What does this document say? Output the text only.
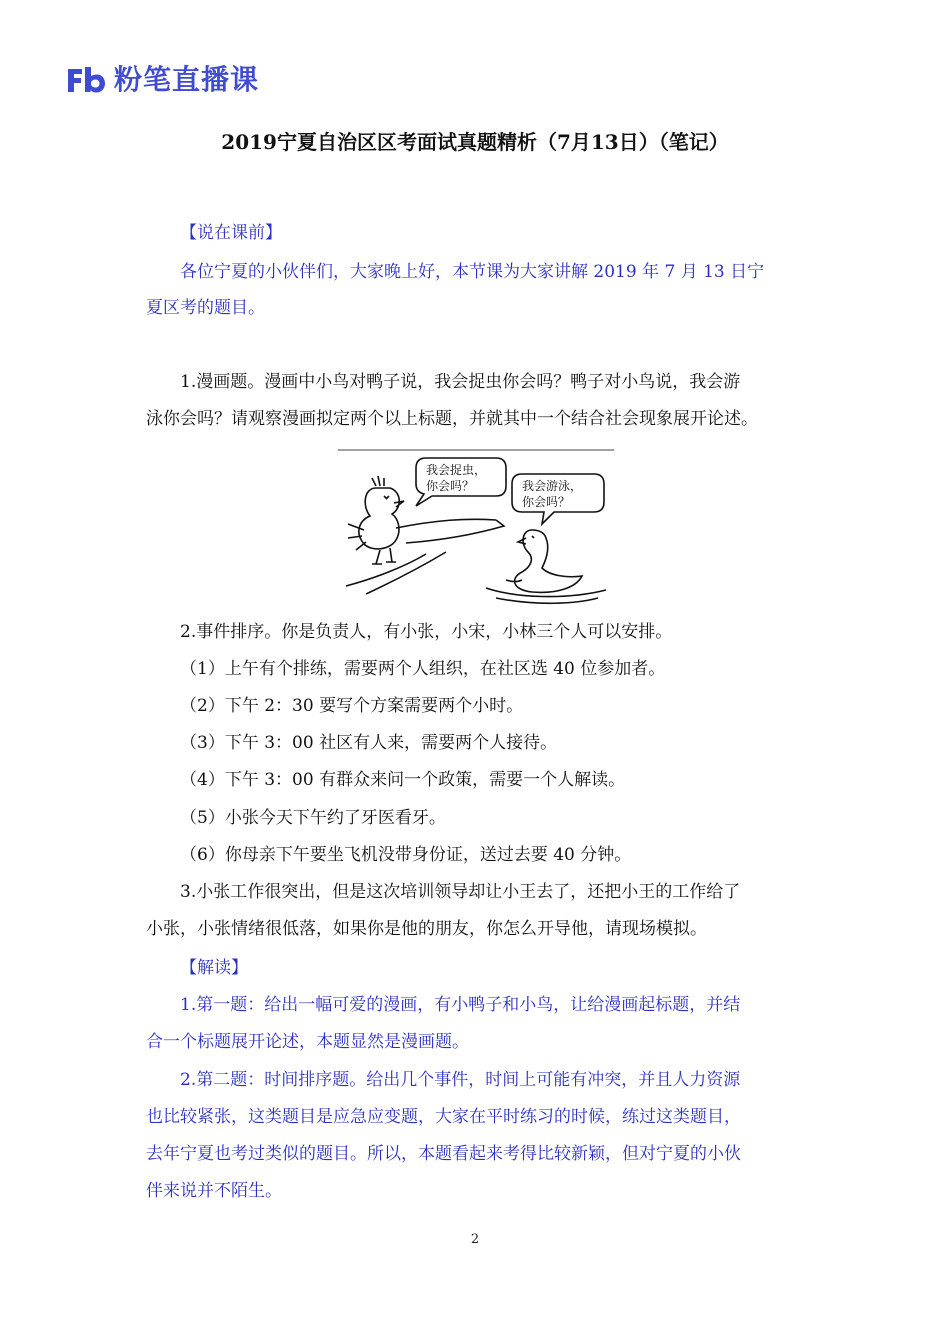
粉笔直播课
2019宁夏自治区区考面试真题精析（7月13日）（笔记）

【说在课前】

各位宁夏的小伙伴们，大家晚上好，本节课为大家讲解 2019 年 7 月 13 日宁

夏区考的题目。

1.漫画题。漫画中小鸟对鸭子说，我会捉虫你会吗？鸭子对小鸟说，我会游

泳你会吗？请观察漫画拟定两个以上标题，并就其中一个结合社会现象展开论述。

我会捉虫，
你会吗？	我会游泳，
你会吗？

2.事件排序。你是负责人，有小张，小宋，小林三个人可以安排。

（1）上午有个排练，需要两个人组织，在社区选 40 位参加者。

（2）下午 2：30 要写个方案需要两个小时。

（3）下午 3：00 社区有人来，需要两个人接待。

（4）下午 3：00 有群众来问一个政策，需要一个人解读。

（5）小张今天下午约了牙医看牙。

（6）你母亲下午要坐飞机没带身份证，送过去要 40 分钟。

3.小张工作很突出，但是这次培训领导却让小王去了，还把小王的工作给了

小张，小张情绪很低落，如果你是他的朋友，你怎么开导他，请现场模拟。

【解读】

1.第一题：给出一幅可爱的漫画，有小鸭子和小鸟，让给漫画起标题，并结

合一个标题展开论述，本题显然是漫画题。

2.第二题：时间排序题。给出几个事件，时间上可能有冲突，并且人力资源

也比较紧张，这类题目是应急应变题，大家在平时练习的时候，练过这类题目，

去年宁夏也考过类似的题目。所以，本题看起来考得比较新颖，但对宁夏的小伙

伴来说并不陌生。

2
